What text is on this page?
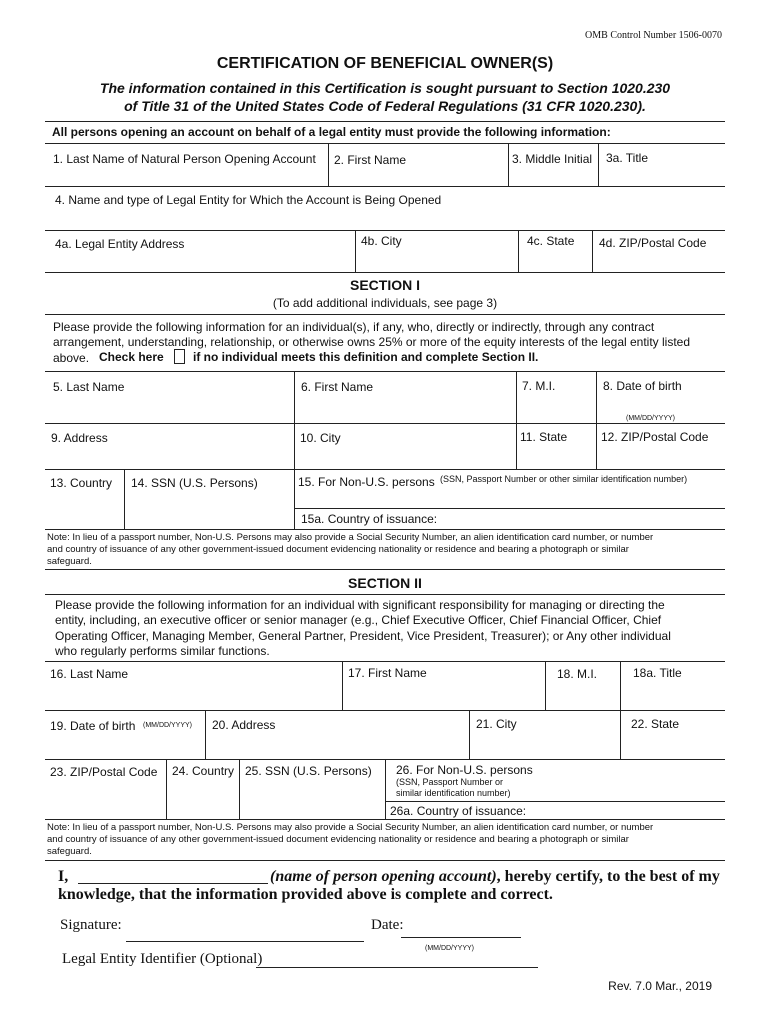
OMB Control Number 1506-0070
CERTIFICATION OF BENEFICIAL OWNER(S)
The information contained in this Certification is sought pursuant to Section 1020.230
of Title 31 of the United States Code of Federal Regulations (31 CFR 1020.230).
All persons opening an account on behalf of a legal entity must provide the following information:
1. Last Name of Natural Person Opening Account 2. First Name	3. Middle Initial 3a. Title
4. Name and type of Legal Entity for Which the Account is Being Opened
4a. Legal Entity Address	4b. City	4c. State 4d. ZIP/Postal Code
SECTION I
(To add additional individuals, see page 3)
Please provide the following information for an individual(s), if any, who, directly or indirectly, through any contract
arrangement, understanding, relationship, or otherwise owns 25% or more of the equity interests of the legal entity listed
above. Check here if no individual meets this definition and complete Section II.
5. Last Name	6. First Name	7. M.I.	8. Date of birth
(MM/DD/YYYY)
9. Address	10. City	11. State	12. ZIP/Postal Code
13. Country 14. SSN (U.S. Persons)	15. For Non-U.S. persons (SSN, Passport Number or other similar identification number)
15a. Country of issuance:
Note: In lieu of a passport number, Non-U.S. Persons may also provide a Social Security Number, an alien identification card number, or number
and country of issuance of any other government-issued document evidencing nationality or residence and bearing a photograph or similar
safeguard.
SECTION II
Please provide the following information for an individual with significant responsibility for managing or directing the
entity, including, an executive officer or senior manager (e.g., Chief Executive Officer, Chief Financial Officer, Chief
Operating Officer, Managing Member, General Partner, President, Vice President, Treasurer); or Any other individual
who regularly performs similar functions.
16. Last Name	17. First Name	18. M.I.	18a. Title
19. Date of birth (MM/DD/YYYY) 20. Address	21. City	22. State
23. ZIP/Postal Code 24. Country 25. SSN (U.S. Persons) 26. For Non-U.S. persons
(SSN, Passport Number or
similar identification number)
26a. Country of issuance:
Note: In lieu of a passport number, Non-U.S. Persons may also provide a Social Security Number, an alien identification card number, or number
and country of issuance of any other government-issued document evidencing nationality or residence and bearing a photograph or similar
safeguard.
I,	(name of person opening account), hereby certify, to the best of my
knowledge, that the information provided above is complete and correct.
Signature:	Date:
(MM/DD/YYYY)
Legal Entity Identifier (Optional)
Rev. 7.0 Mar., 2019
